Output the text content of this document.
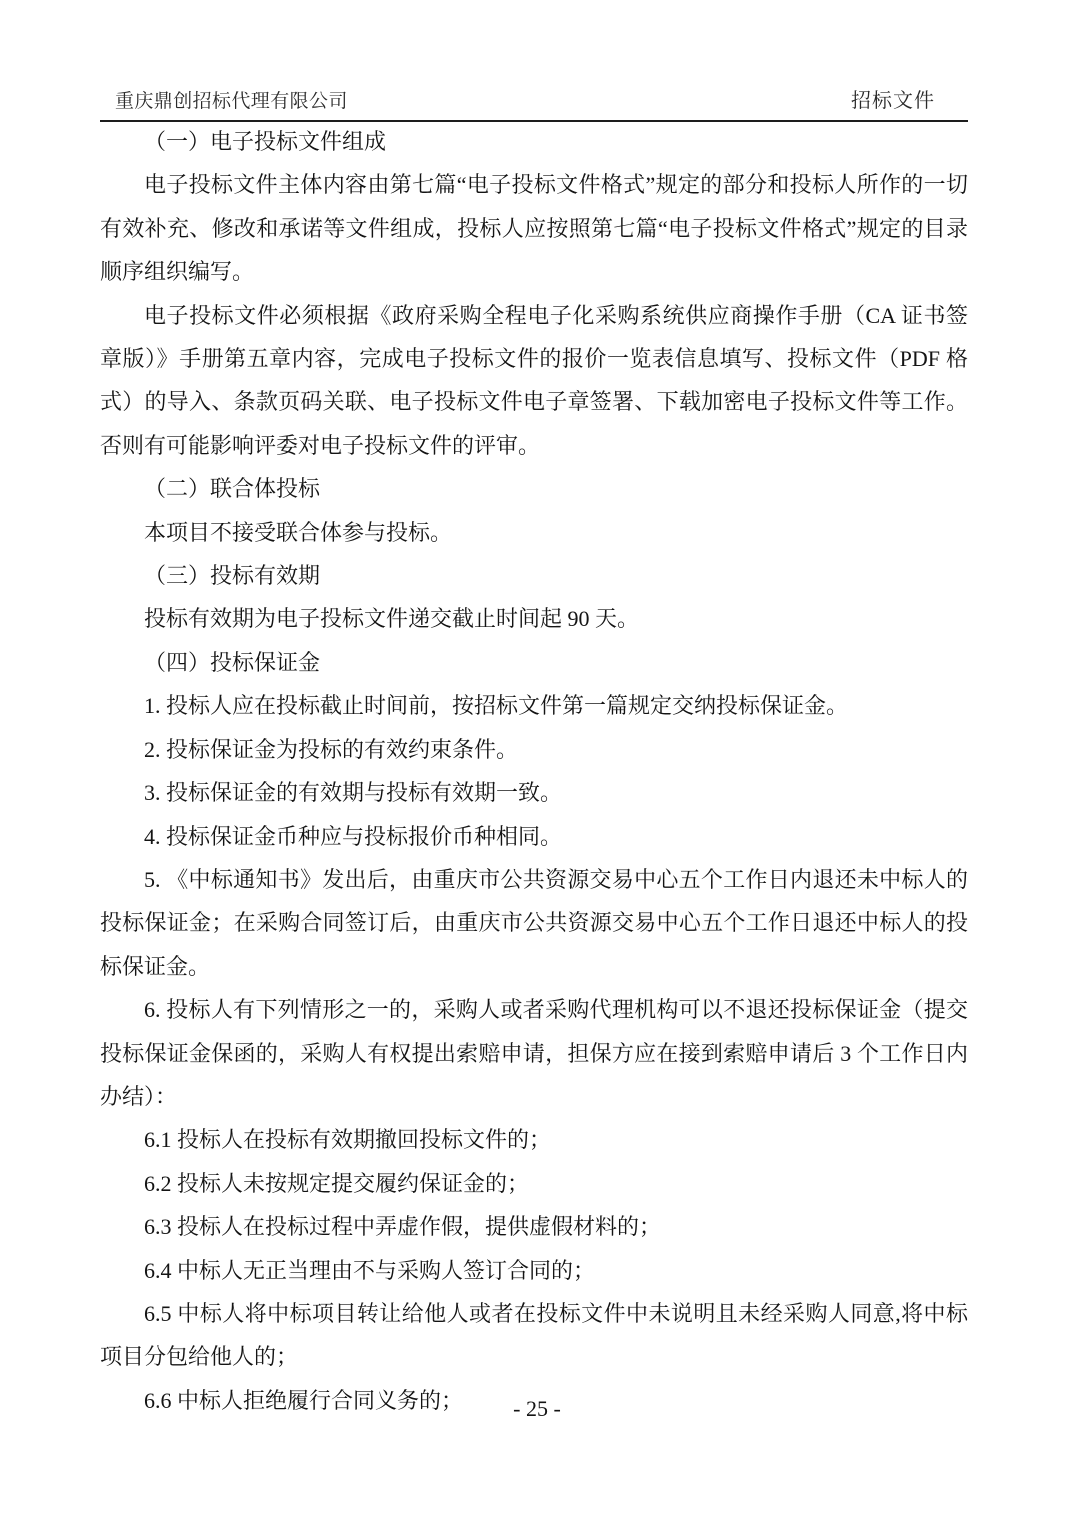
重庆鼎创招标代理有限公司	招标文件

（一）电子投标文件组成

电子投标文件主体内容由第七篇“电子投标文件格式”规定的部分和投标人所作的一切有效补充、修改和承诺等文件组成，投标人应按照第七篇“电子投标文件格式”规定的目录顺序组织编写。

电子投标文件必须根据《政府采购全程电子化采购系统供应商操作手册（CA 证书签章版）》手册第五章内容，完成电子投标文件的报价一览表信息填写、投标文件（PDF 格式）的导入、条款页码关联、电子投标文件电子章签署、下载加密电子投标文件等工作。否则有可能影响评委对电子投标文件的评审。

（二）联合体投标

本项目不接受联合体参与投标。

（三）投标有效期

投标有效期为电子投标文件递交截止时间起 90 天。

（四）投标保证金

1. 投标人应在投标截止时间前，按招标文件第一篇规定交纳投标保证金。

2. 投标保证金为投标的有效约束条件。

3. 投标保证金的有效期与投标有效期一致。

4. 投标保证金币种应与投标报价币种相同。

5. 《中标通知书》发出后，由重庆市公共资源交易中心五个工作日内退还未中标人的投标保证金；在采购合同签订后，由重庆市公共资源交易中心五个工作日退还中标人的投标保证金。

6. 投标人有下列情形之一的，采购人或者采购代理机构可以不退还投标保证金（提交投标保证金保函的，采购人有权提出索赔申请，担保方应在接到索赔申请后 3 个工作日内办结）：

6.1 投标人在投标有效期撤回投标文件的；

6.2 投标人未按规定提交履约保证金的；

6.3 投标人在投标过程中弄虚作假，提供虚假材料的；

6.4 中标人无正当理由不与采购人签订合同的；

6.5 中标人将中标项目转让给他人或者在投标文件中未说明且未经采购人同意,将中标项目分包给他人的；

6.6 中标人拒绝履行合同义务的；	- 25 -
